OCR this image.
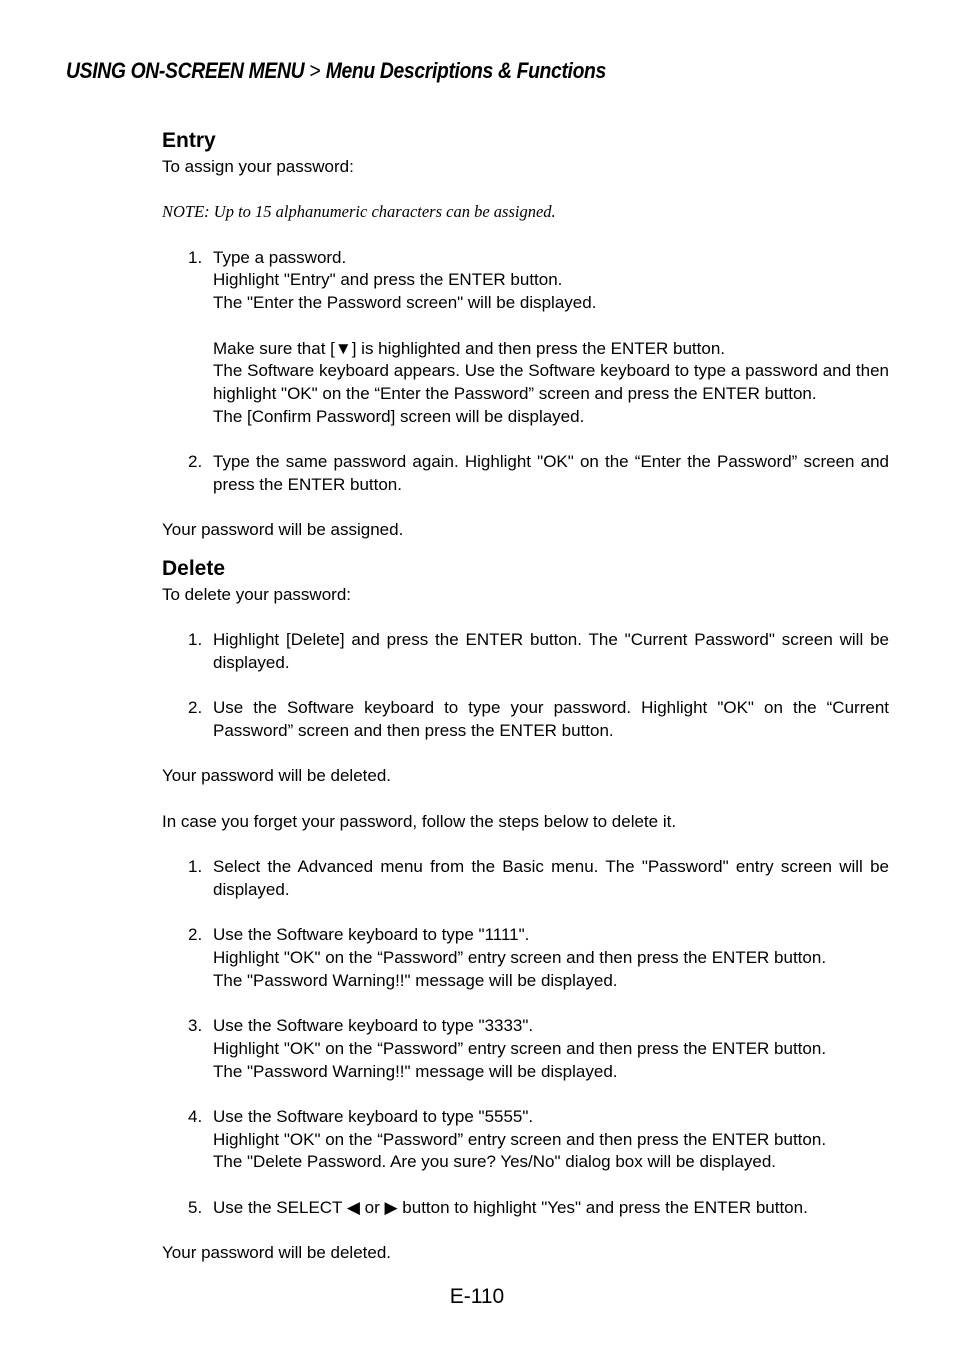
USING ON-SCREEN MENU > Menu Descriptions & Functions
Entry
To assign your password:
NOTE: Up to 15 alphanumeric characters can be assigned.
1. Type a password.
Highlight "Entry" and press the ENTER button.
The "Enter the Password screen" will be displayed.
Make sure that [▼] is highlighted and then press the ENTER button.
The Software keyboard appears. Use the Software keyboard to type a password and then highlight "OK" on the “Enter the Password” screen and press the ENTER button.
The [Confirm Password] screen will be displayed.
2. Type the same password again. Highlight "OK" on the “Enter the Password” screen and press the ENTER button.
Your password will be assigned.
Delete
To delete your password:
1. Highlight [Delete] and press the ENTER button. The "Current Password" screen will be displayed.
2. Use the Software keyboard to type your password. Highlight "OK" on the “Current Password” screen and then press the ENTER button.
Your password will be deleted.
In case you forget your password, follow the steps below to delete it.
1. Select the Advanced menu from the Basic menu. The "Password" entry screen will be displayed.
2. Use the Software keyboard to type "1111".
Highlight "OK" on the “Password” entry screen and then press the ENTER button.
The "Password Warning!!" message will be displayed.
3. Use the Software keyboard to type "3333".
Highlight "OK" on the “Password” entry screen and then press the ENTER button.
The "Password Warning!!" message will be displayed.
4. Use the Software keyboard to type "5555".
Highlight "OK" on the “Password” entry screen and then press the ENTER button.
The "Delete Password. Are you sure? Yes/No" dialog box will be displayed.
5. Use the SELECT ◀ or ▶ button to highlight "Yes" and press the ENTER button.
Your password will be deleted.
E-110
